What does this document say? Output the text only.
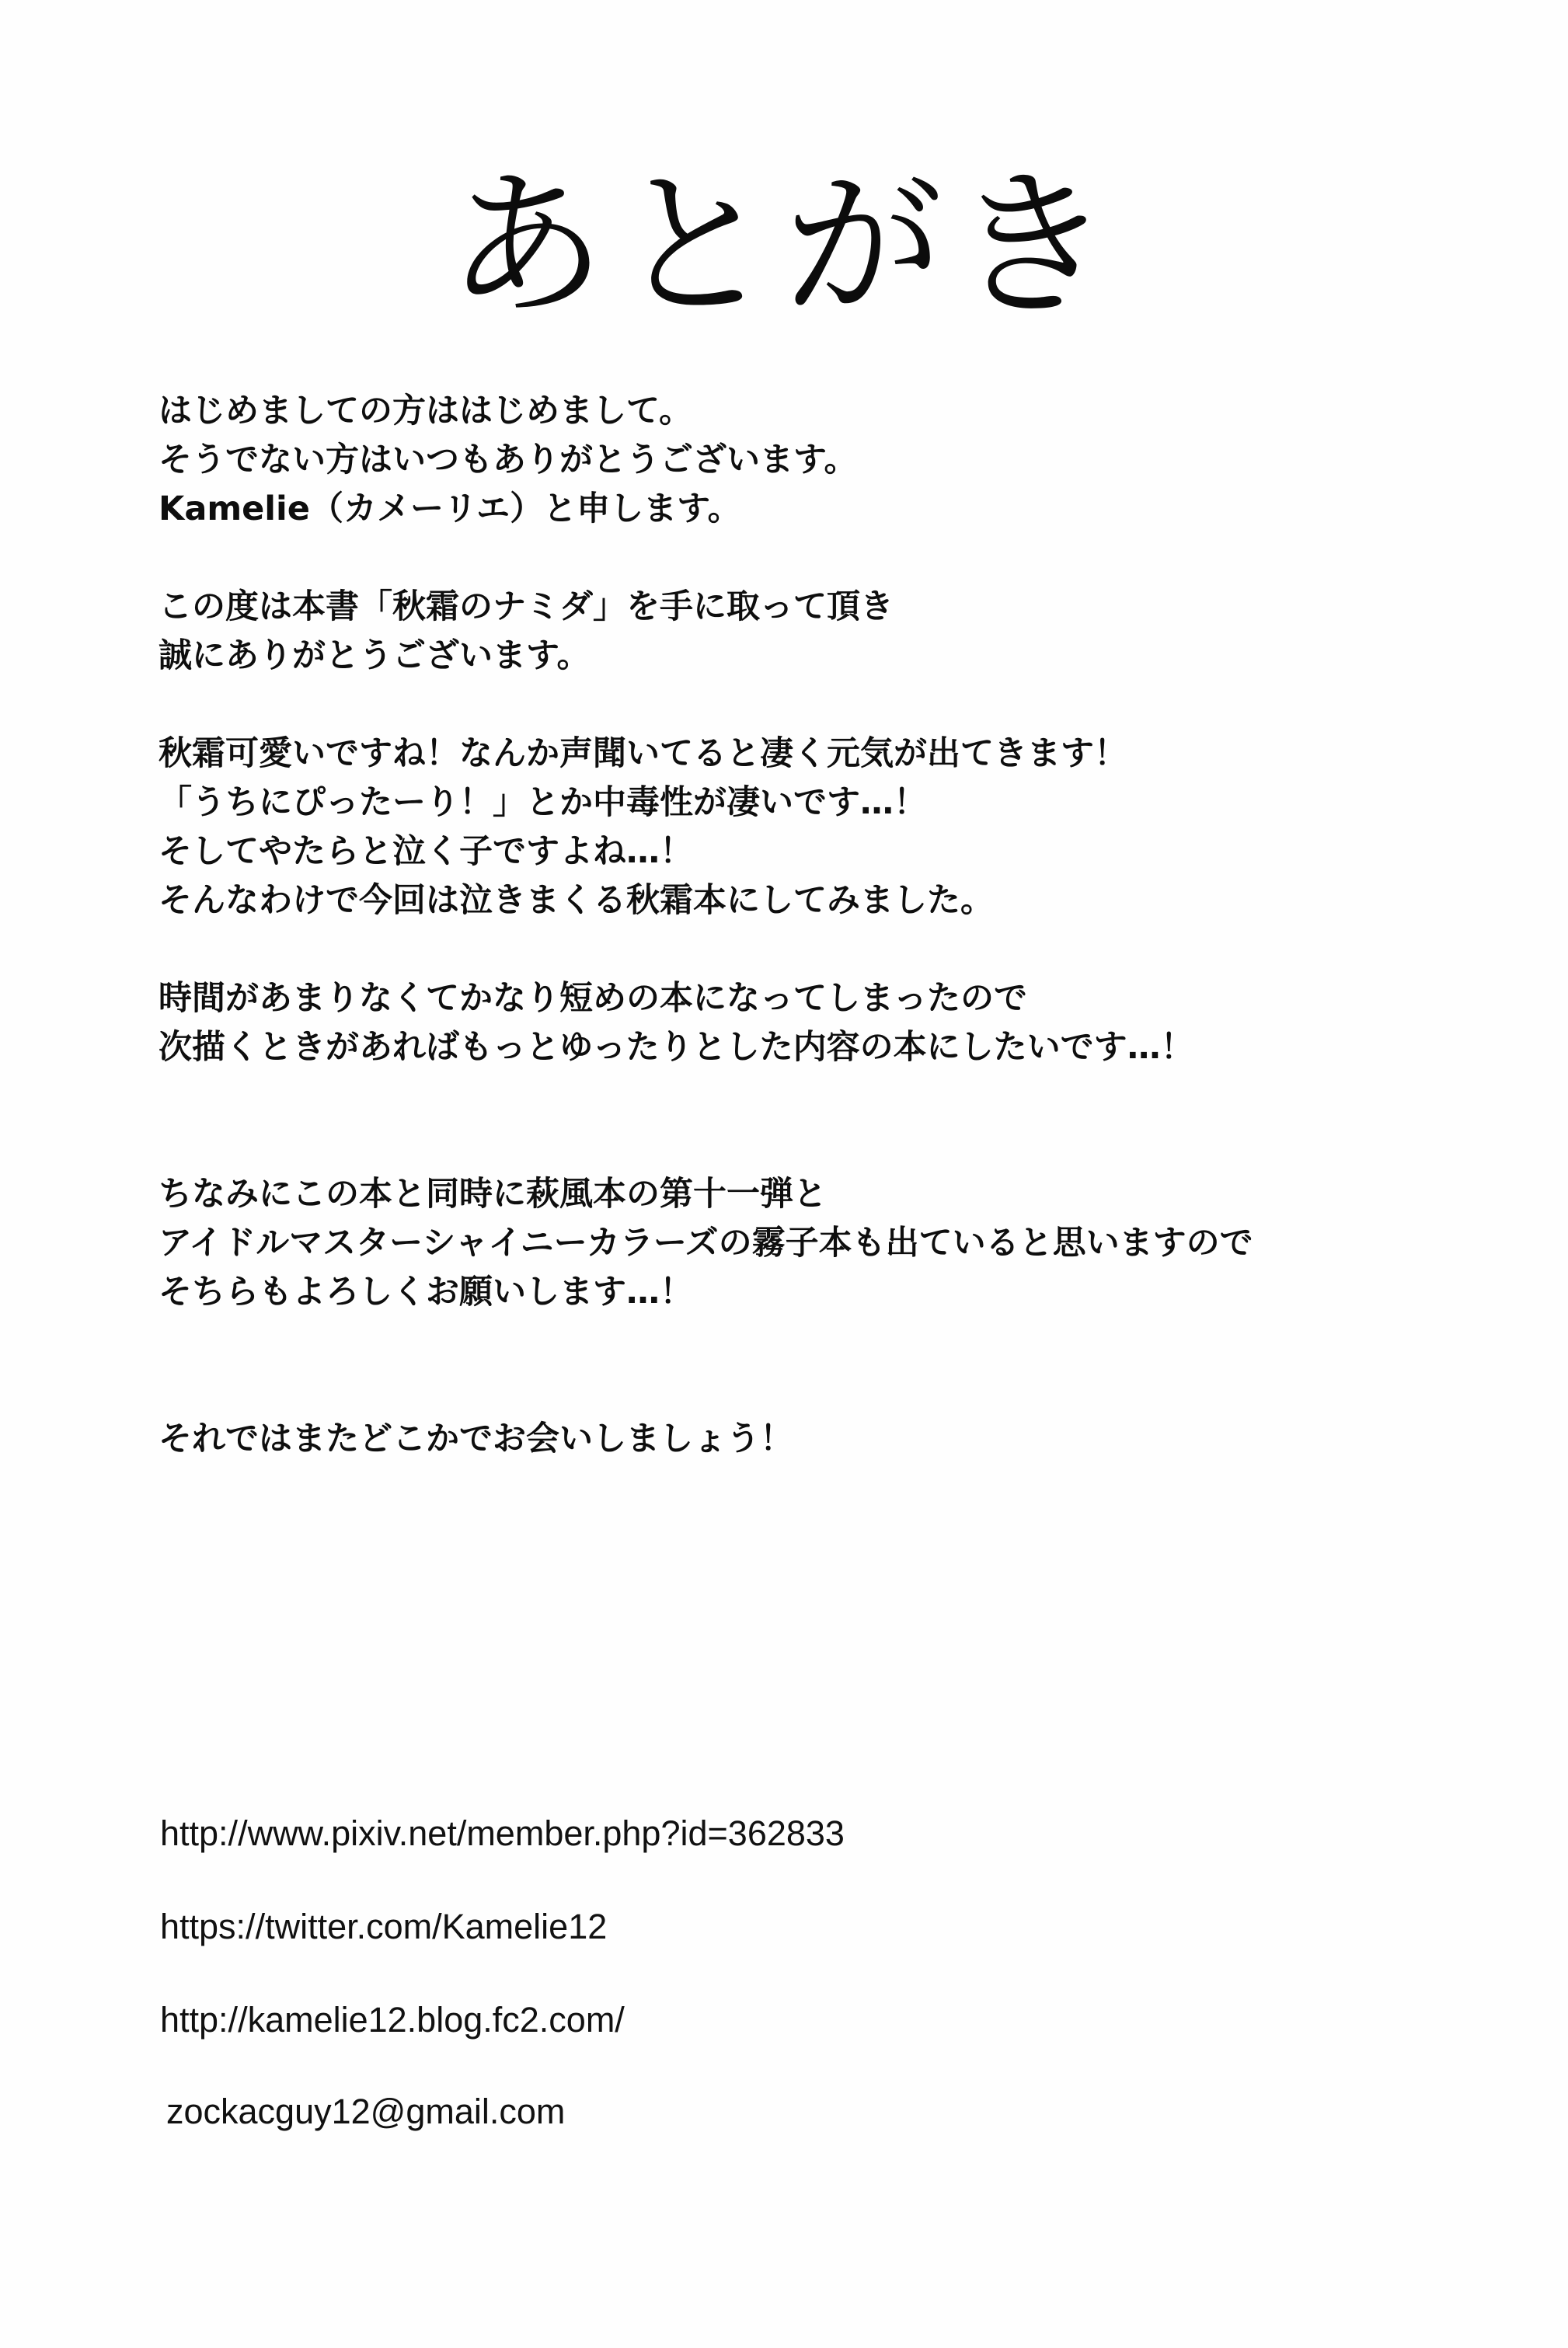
あとがき
はじめましての方ははじめまして。
そうでない方はいつもありがとうございます。
Kamelie（カメーリエ）と申します。
この度は本書「秋霜のナミダ」を手に取って頂き
誠にありがとうございます。
秋霜可愛いですね！なんか声聞いてると凄く元気が出てきます！
「うちにぴったーり！」とか中毒性が凄いです…！
そしてやたらと泣く子ですよね…！
そんなわけで今回は泣きまくる秋霜本にしてみました。
時間があまりなくてかなり短めの本になってしまったので
次描くときがあればもっとゆったりとした内容の本にしたいです…！
ちなみにこの本と同時に萩風本の第十一弾と
アイドルマスターシャイニーカラーズの霧子本も出ていると思いますので
そちらもよろしくお願いします…！
それではまたどこかでお会いしましょう！
http://www.pixiv.net/member.php?id=362833
https://twitter.com/Kamelie12
http://kamelie12.blog.fc2.com/
zockacguy12@gmail.com
